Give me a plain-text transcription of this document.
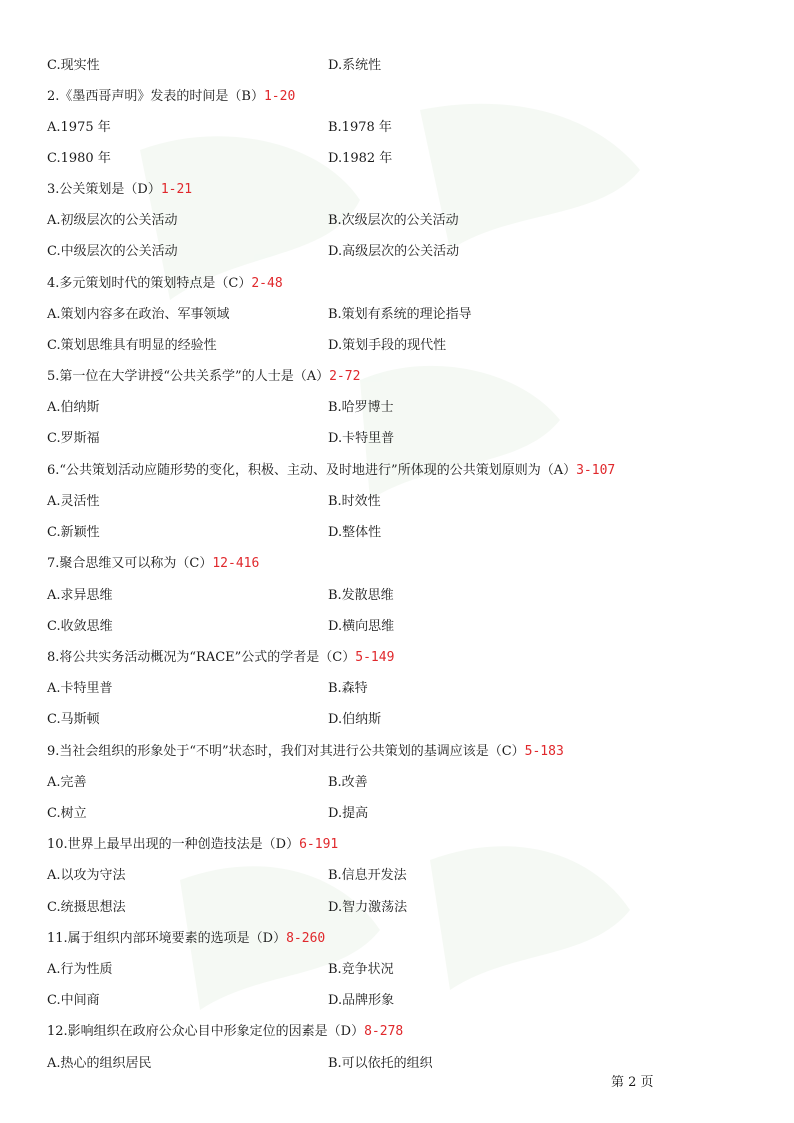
C.现实性	D.系统性
2.《墨西哥声明》发表的时间是（B）1-20
A.1975 年	B.1978 年
C.1980 年	D.1982 年
3.公关策划是（D）1-21
A.初级层次的公关活动	B.次级层次的公关活动
C.中级层次的公关活动	D.高级层次的公关活动
4.多元策划时代的策划特点是（C）2-48
A.策划内容多在政治、军事领域	B.策划有系统的理论指导
C.策划思维具有明显的经验性	D.策划手段的现代性
5.第一位在大学讲授“公共关系学”的人士是（A）2-72
A.伯纳斯	B.哈罗博士
C.罗斯福	D.卡特里普
6.“公共策划活动应随形势的变化，积极、主动、及时地进行”所体现的公共策划原则为（A）3-107
A.灵活性	B.时效性
C.新颖性	D.整体性
7.聚合思维又可以称为（C）12-416
A.求异思维	B.发散思维
C.收敛思维	D.横向思维
8.将公共实务活动概况为“RACE”公式的学者是（C）5-149
A.卡特里普	B.森特
C.马斯顿	D.伯纳斯
9.当社会组织的形象处于“不明”状态时，我们对其进行公共策划的基调应该是（C）5-183
A.完善	B.改善
C.树立	D.提高
10.世界上最早出现的一种创造技法是（D）6-191
A.以攻为守法	B.信息开发法
C.统摄思想法	D.智力激荡法
11.属于组织内部环境要素的选项是（D）8-260
A.行为性质	B.竞争状况
C.中间商	D.品牌形象
12.影响组织在政府公众心目中形象定位的因素是（D）8-278
A.热心的组织居民	B.可以依托的组织
第 2 页
